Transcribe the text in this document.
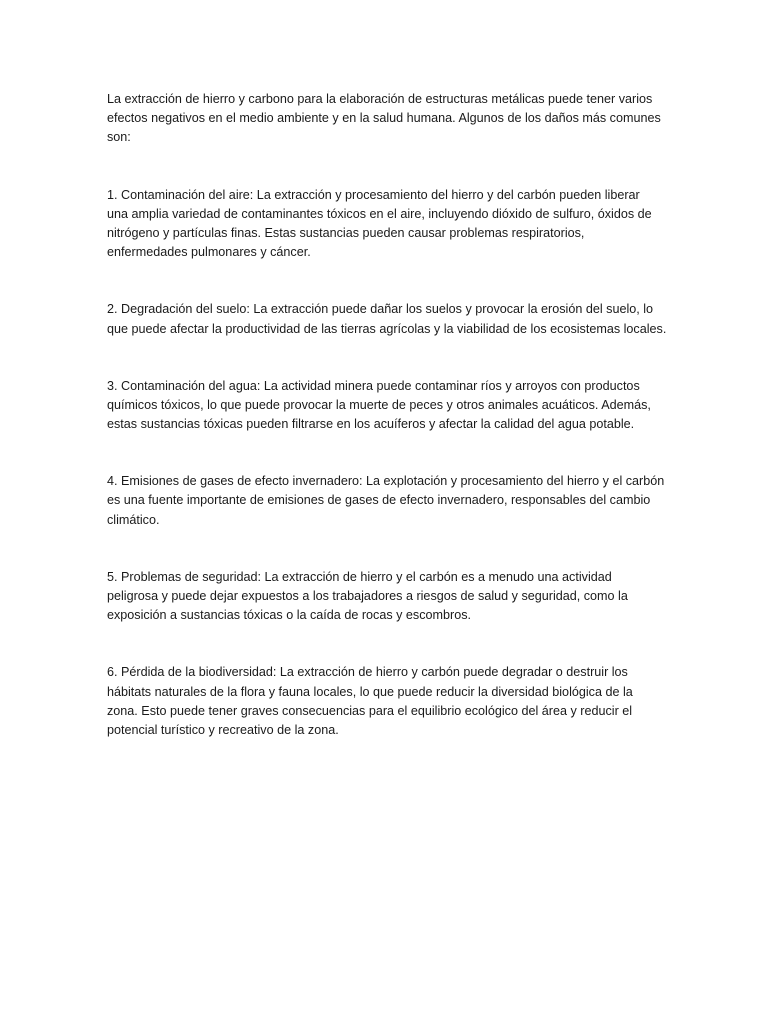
La extracción de hierro y carbono para la elaboración de estructuras metálicas puede tener varios
efectos negativos en el medio ambiente y en la salud humana. Algunos de los daños más comunes
son:

1. Contaminación del aire: La extracción y procesamiento del hierro y del carbón pueden liberar
una amplia variedad de contaminantes tóxicos en el aire, incluyendo dióxido de sulfuro, óxidos de
nitrógeno y partículas finas. Estas sustancias pueden causar problemas respiratorios,
enfermedades pulmonares y cáncer.

2. Degradación del suelo: La extracción puede dañar los suelos y provocar la erosión del suelo, lo
que puede afectar la productividad de las tierras agrícolas y la viabilidad de los ecosistemas locales.

3. Contaminación del agua: La actividad minera puede contaminar ríos y arroyos con productos
químicos tóxicos, lo que puede provocar la muerte de peces y otros animales acuáticos. Además,
estas sustancias tóxicas pueden filtrarse en los acuíferos y afectar la calidad del agua potable.

4. Emisiones de gases de efecto invernadero: La explotación y procesamiento del hierro y el carbón
es una fuente importante de emisiones de gases de efecto invernadero, responsables del cambio
climático.

5. Problemas de seguridad: La extracción de hierro y el carbón es a menudo una actividad
peligrosa y puede dejar expuestos a los trabajadores a riesgos de salud y seguridad, como la
exposición a sustancias tóxicas o la caída de rocas y escombros.

6. Pérdida de la biodiversidad: La extracción de hierro y carbón puede degradar o destruir los
hábitats naturales de la flora y fauna locales, lo que puede reducir la diversidad biológica de la
zona. Esto puede tener graves consecuencias para el equilibrio ecológico del área y reducir el
potencial turístico y recreativo de la zona.
